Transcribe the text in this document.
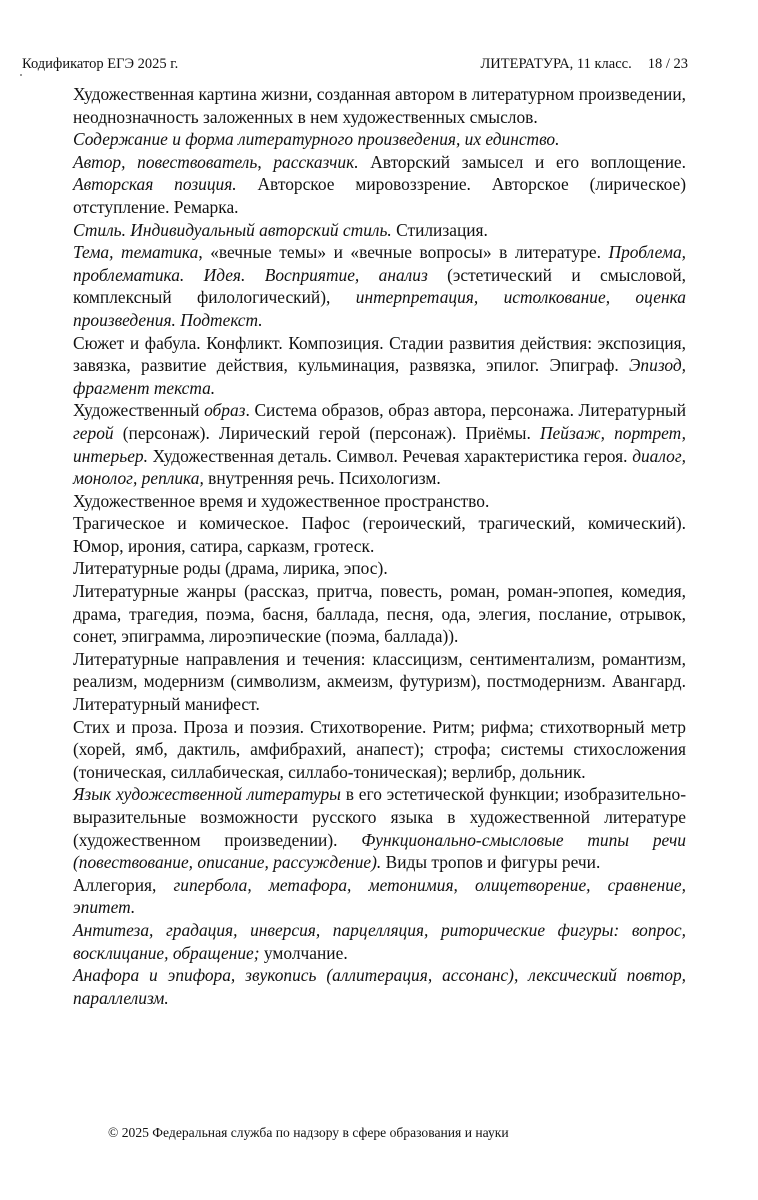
Кодификатор ЕГЭ 2025 г.	ЛИТЕРАТУРА, 11 класс. 18 / 23

Художественная картина жизни, созданная автором в литературном произведении, неоднозначность заложенных в нем художественных смыслов.

Содержание и форма литературного произведения, их единство.

Автор, повествователь, рассказчик. Авторский замысел и его воплощение. Авторская позиция. Авторское мировоззрение. Авторское (лирическое) отступление. Ремарка.

Стиль. Индивидуальный авторский стиль. Стилизация.

Тема, тематика, «вечные темы» и «вечные вопросы» в литературе. Проблема, проблематика. Идея. Восприятие, анализ (эстетический и смысловой, комплексный филологический), интерпретация, истолкование, оценка произведения. Подтекст.

Сюжет и фабула. Конфликт. Композиция. Стадии развития действия: экспозиция, завязка, развитие действия, кульминация, развязка, эпилог. Эпиграф. Эпизод, фрагмент текста.

Художественный образ. Система образов, образ автора, персонажа. Литературный герой (персонаж). Лирический герой (персонаж). Приёмы. Пейзаж, портрет, интерьер. Художественная деталь. Символ. Речевая характеристика героя. диалог, монолог, реплика, внутренняя речь. Психологизм.

Художественное время и художественное пространство.

Трагическое и комическое. Пафос (героический, трагический, комический). Юмор, ирония, сатира, сарказм, гротеск.

Литературные роды (драма, лирика, эпос).

Литературные жанры (рассказ, притча, повесть, роман, роман-эпопея, комедия, драма, трагедия, поэма, басня, баллада, песня, ода, элегия, послание, отрывок, сонет, эпиграмма, лироэпические (поэма, баллада)).

Литературные направления и течения: классицизм, сентиментализм, романтизм, реализм, модернизм (символизм, акмеизм, футуризм), постмодернизм. Авангард. Литературный манифест.

Стих и проза. Проза и поэзия. Стихотворение. Ритм; рифма; стихотворный метр (хорей, ямб, дактиль, амфибрахий, анапест); строфа; системы стихосложения (тоническая, силлабическая, силлабо-тоническая); верлибр, дольник.

Язык художественной литературы в его эстетической функции; изобразительно-выразительные возможности русского языка в художественной литературе (художественном произведении). Функционально-смысловые типы речи (повествование, описание, рассуждение). Виды тропов и фигуры речи.

Аллегория, гипербола, метафора, метонимия, олицетворение, сравнение, эпитет.

Антитеза, градация, инверсия, парцелляция, риторические фигуры: вопрос, восклицание, обращение; умолчание.

Анафора и эпифора, звукопись (аллитерация, ассонанс), лексический повтор, параллелизм.

© 2025 Федеральная служба по надзору в сфере образования и науки
